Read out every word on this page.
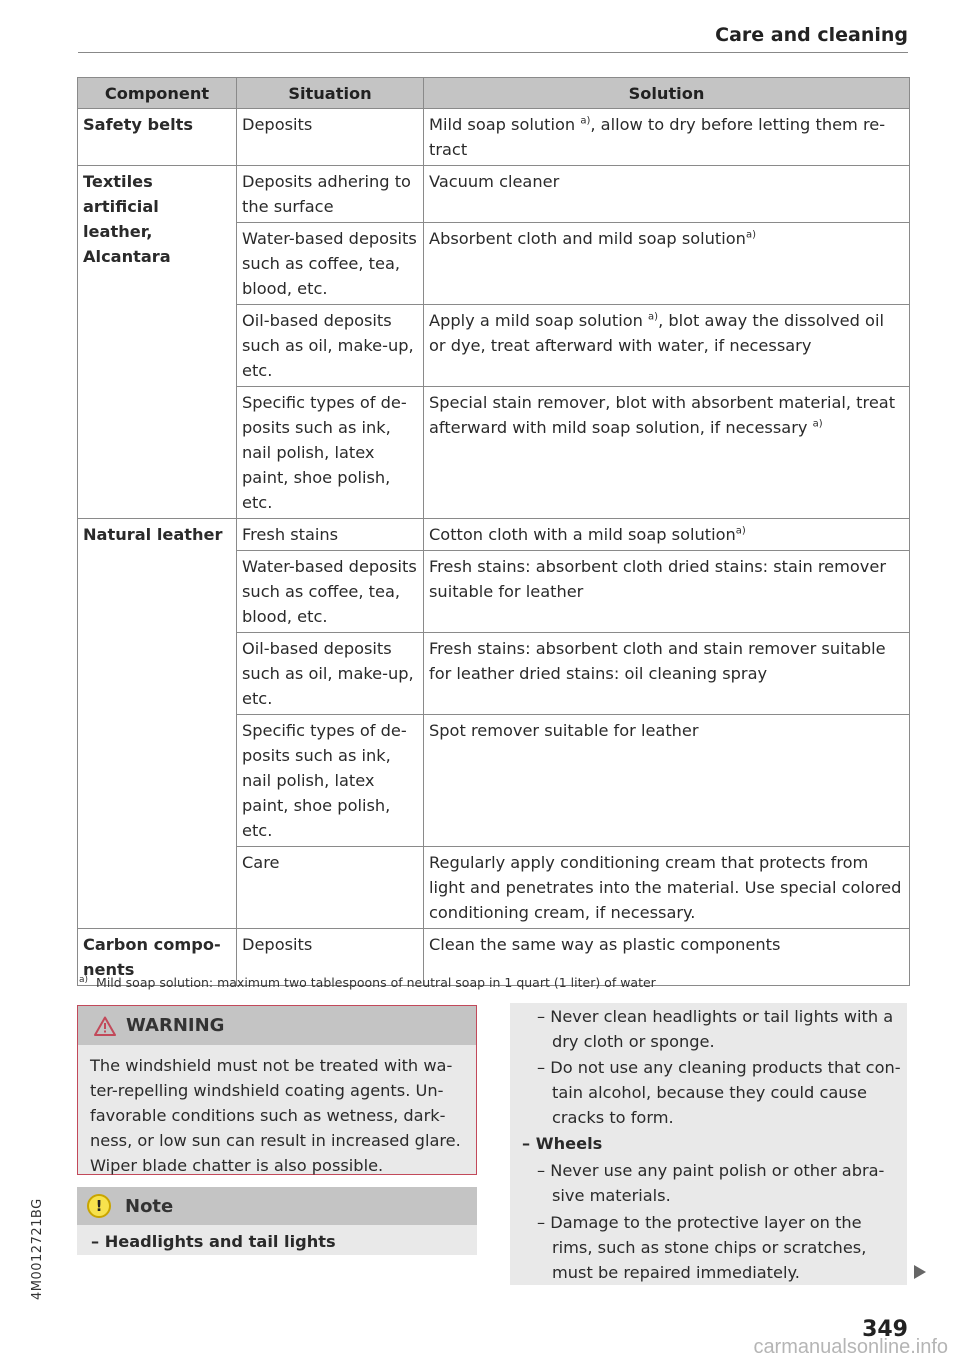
Care and cleaning
Component	Situation	Solution
Safety belts	Deposits	Mild soap solution $^{a)}$, allow to dry before letting them re-tract
Textiles artificial leather, Alcantara	Deposits adhering to the surface	Vacuum cleaner
	Water-based deposits such as coffee, tea, blood, etc.	Absorbent cloth and mild soap solution$^{a)}$
	Oil-based deposits such as oil, make-up, etc.	Apply a mild soap solution $^{a)}$, blot away the dissolved oil or dye, treat afterward with water, if necessary
	Specific types of de-posits such as ink, nail polish, latex paint, shoe polish, etc.	Special stain remover, blot with absorbent material, treat afterward with mild soap solution, if necessary $^{a)}$
Natural leather	Fresh stains	Cotton cloth with a mild soap solution$^{a)}$
	Water-based deposits such as coffee, tea, blood, etc.	Fresh stains: absorbent cloth dried stains: stain remover suitable for leather
	Oil-based deposits such as oil, make-up, etc.	Fresh stains: absorbent cloth and stain remover suitable for leather dried stains: oil cleaning spray
	Specific types of de-posits such as ink, nail polish, latex paint, shoe polish, etc.	Spot remover suitable for leather
	Care	Regularly apply conditioning cream that protects from light and penetrates into the material. Use special colored conditioning cream, if necessary.
Carbon compo-nents	Deposits	Clean the same way as plastic components
$^{a)}$ Mild soap solution: maximum two tablespoons of neutral soap in 1 quart (1 liter) of water
WARNING
The windshield must not be treated with wa-
ter-repelling windshield coating agents. Un-
favorable conditions such as wetness, dark-
ness, or low sun can result in increased glare.
Wiper blade chatter is also possible.
!	Note
– Headlights and tail lights
– Never clean headlights or tail lights with a
dry cloth or sponge.
– Do not use any cleaning products that con-
tain alcohol, because they could cause
cracks to form.
– Wheels
– Never use any paint polish or other abra-
sive materials.
– Damage to the protective layer on the
rims, such as stone chips or scratches,
must be repaired immediately.
4M0012721BG
349
carmanualsonline.info
